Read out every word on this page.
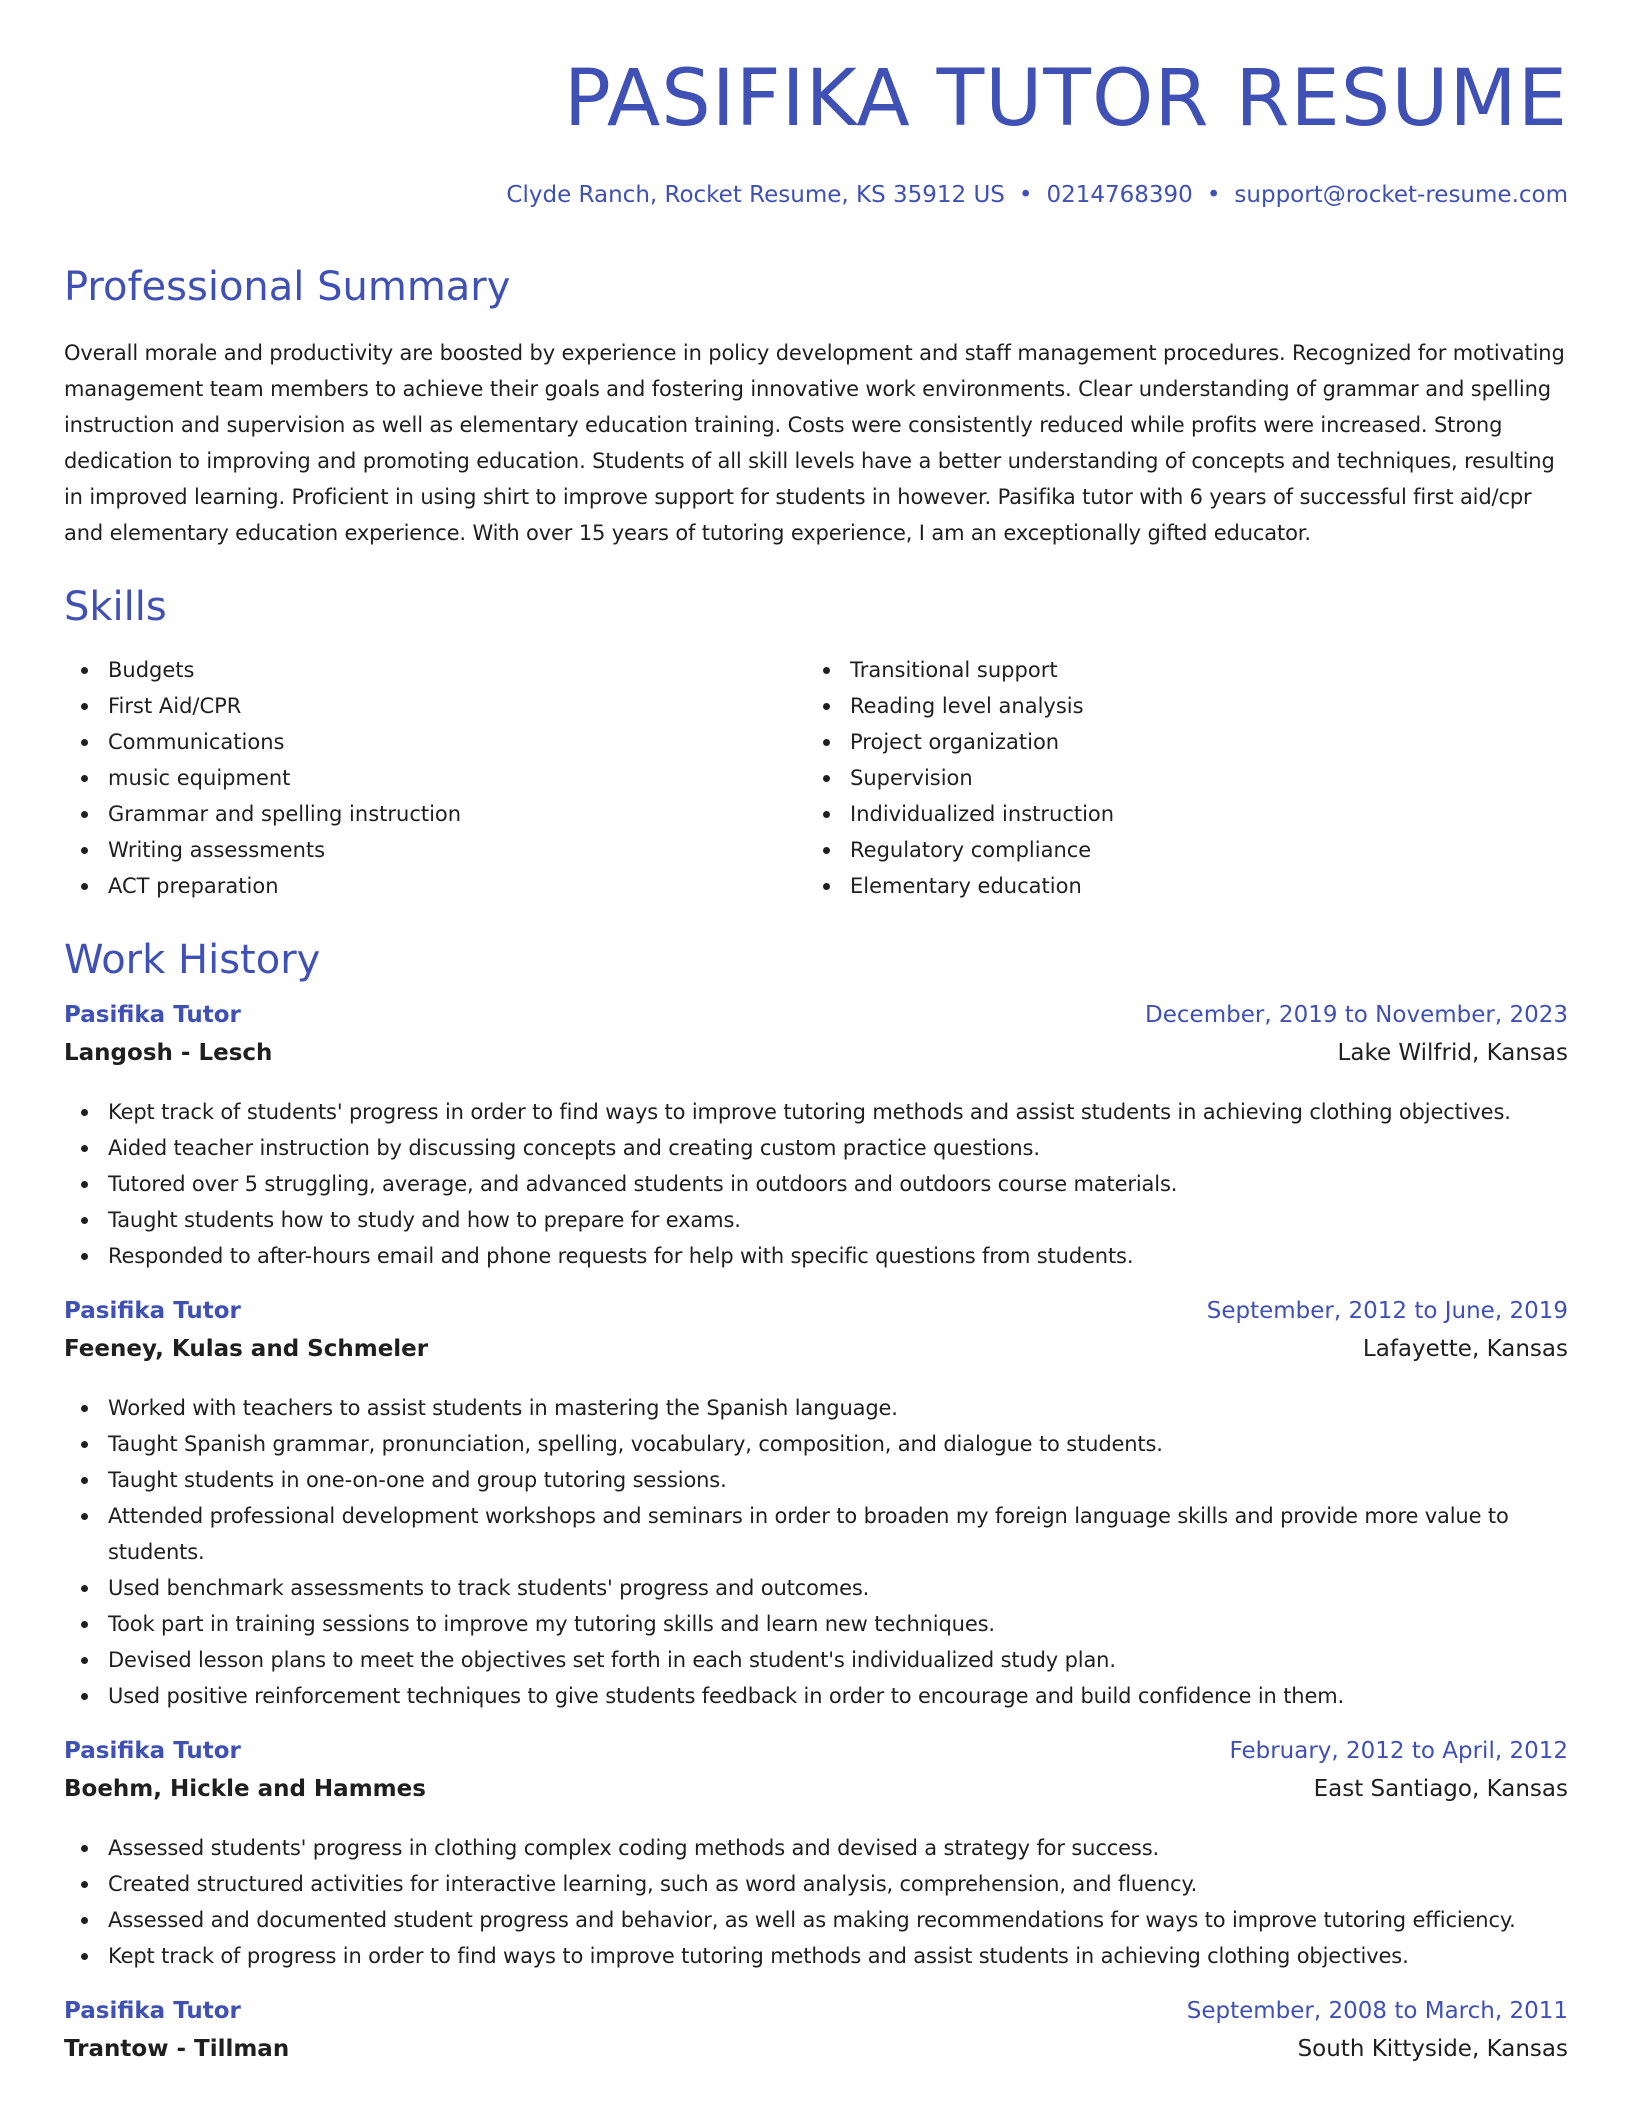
PASIFIKA TUTOR RESUME
Clyde Ranch, Rocket Resume, KS 35912 US • 0214768390 • support@rocket-resume.com
Professional Summary

Overall morale and productivity are boosted by experience in policy development and staff management procedures. Recognized for motivating management team members to achieve their goals and fostering innovative work environments. Clear understanding of grammar and spelling instruction and supervision as well as elementary education training. Costs were consistently reduced while profits were increased. Strong dedication to improving and promoting education. Students of all skill levels have a better understanding of concepts and techniques, resulting in improved learning. Proficient in using shirt to improve support for students in however. Pasifika tutor with 6 years of successful first aid/cpr and elementary education experience. With over 15 years of tutoring experience, I am an exceptionally gifted educator.

Skills
Budgets
First Aid/CPR
Communications
music equipment
Grammar and spelling instruction
Writing assessments
ACT preparation
Transitional support
Reading level analysis
Project organization
Supervision
Individualized instruction
Regulatory compliance
Elementary education
Work History
Pasifika Tutor	December, 2019 to November, 2023
Langosh - Lesch	Lake Wilfrid, Kansas
Kept track of students' progress in order to find ways to improve tutoring methods and assist students in achieving clothing objectives.
Aided teacher instruction by discussing concepts and creating custom practice questions.
Tutored over 5 struggling, average, and advanced students in outdoors and outdoors course materials.
Taught students how to study and how to prepare for exams.
Responded to after-hours email and phone requests for help with specific questions from students.
Pasifika Tutor	September, 2012 to June, 2019
Feeney, Kulas and Schmeler	Lafayette, Kansas
Worked with teachers to assist students in mastering the Spanish language.
Taught Spanish grammar, pronunciation, spelling, vocabulary, composition, and dialogue to students.
Taught students in one-on-one and group tutoring sessions.
Attended professional development workshops and seminars in order to broaden my foreign language skills and provide more value to students.
Used benchmark assessments to track students' progress and outcomes.
Took part in training sessions to improve my tutoring skills and learn new techniques.
Devised lesson plans to meet the objectives set forth in each student's individualized study plan.
Used positive reinforcement techniques to give students feedback in order to encourage and build confidence in them.
Pasifika Tutor	February, 2012 to April, 2012
Boehm, Hickle and Hammes	East Santiago, Kansas
Assessed students' progress in clothing complex coding methods and devised a strategy for success.
Created structured activities for interactive learning, such as word analysis, comprehension, and fluency.
Assessed and documented student progress and behavior, as well as making recommendations for ways to improve tutoring efficiency.
Kept track of progress in order to find ways to improve tutoring methods and assist students in achieving clothing objectives.
Pasifika Tutor	September, 2008 to March, 2011
Trantow - Tillman	South Kittyside, Kansas
